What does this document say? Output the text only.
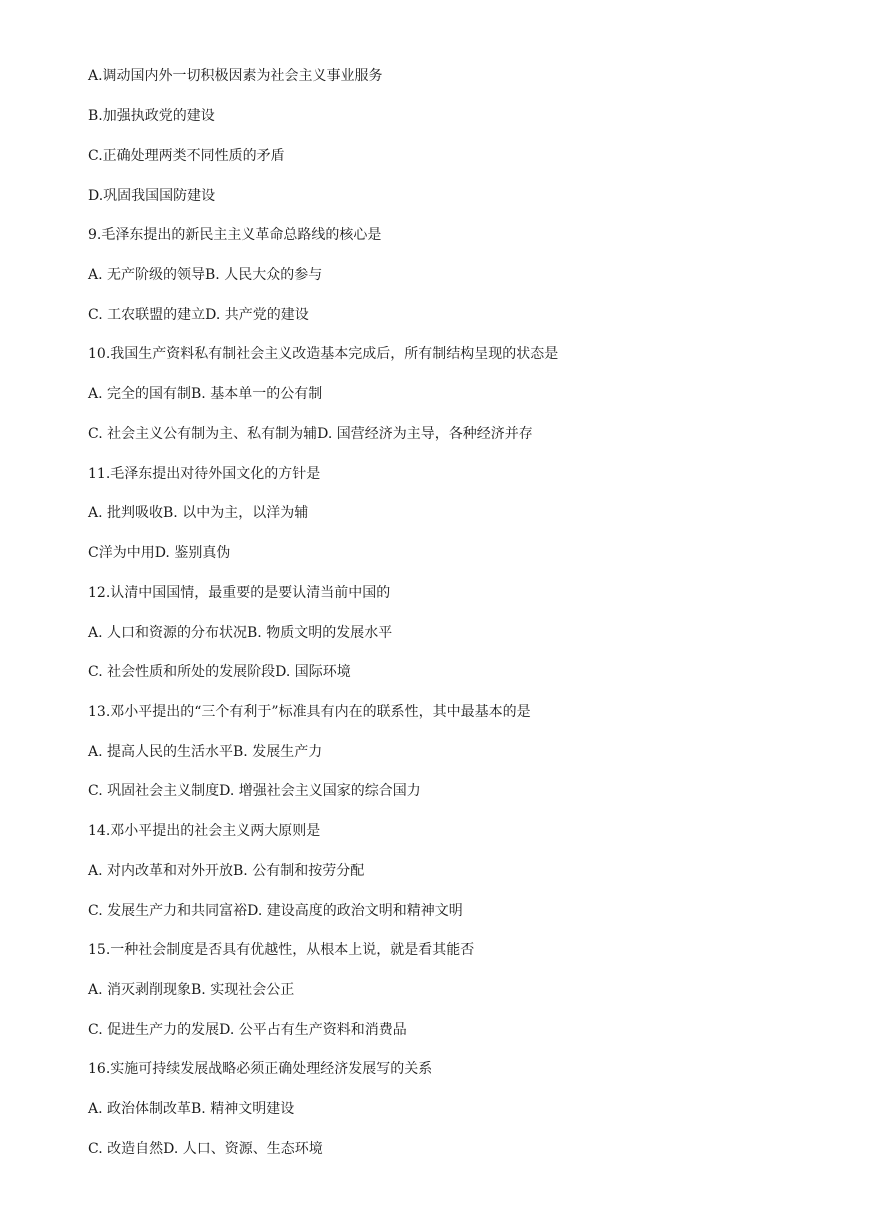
A.调动国内外一切积极因素为社会主义事业服务
B.加强执政党的建设
C.正确处理两类不同性质的矛盾
D.巩固我国国防建设
9.毛泽东提出的新民主主义革命总路线的核心是
A. 无产阶级的领导B. 人民大众的参与
C. 工农联盟的建立D. 共产党的建设
10.我国生产资料私有制社会主义改造基本完成后，所有制结构呈现的状态是
A. 完全的国有制B. 基本单一的公有制
C. 社会主义公有制为主、私有制为辅D. 国营经济为主导，各种经济并存
11.毛泽东提出对待外国文化的方针是
A. 批判吸收B. 以中为主，以洋为辅
C洋为中用D. 鉴别真伪
12.认清中国国情，最重要的是要认清当前中国的
A. 人口和资源的分布状况B. 物质文明的发展水平
C. 社会性质和所处的发展阶段D. 国际环境
13.邓小平提出的“三个有利于”标准具有内在的联系性，其中最基本的是
A. 提高人民的生活水平B. 发展生产力
C. 巩固社会主义制度D. 增强社会主义国家的综合国力
14.邓小平提出的社会主义两大原则是
A. 对内改革和对外开放B. 公有制和按劳分配
C. 发展生产力和共同富裕D. 建设高度的政治文明和精神文明
15.一种社会制度是否具有优越性，从根本上说，就是看其能否
A. 消灭剥削现象B. 实现社会公正
C. 促进生产力的发展D. 公平占有生产资料和消费品
16.实施可持续发展战略必须正确处理经济发展写的关系
A. 政治体制改革B. 精神文明建设
C. 改造自然D. 人口、资源、生态环境
